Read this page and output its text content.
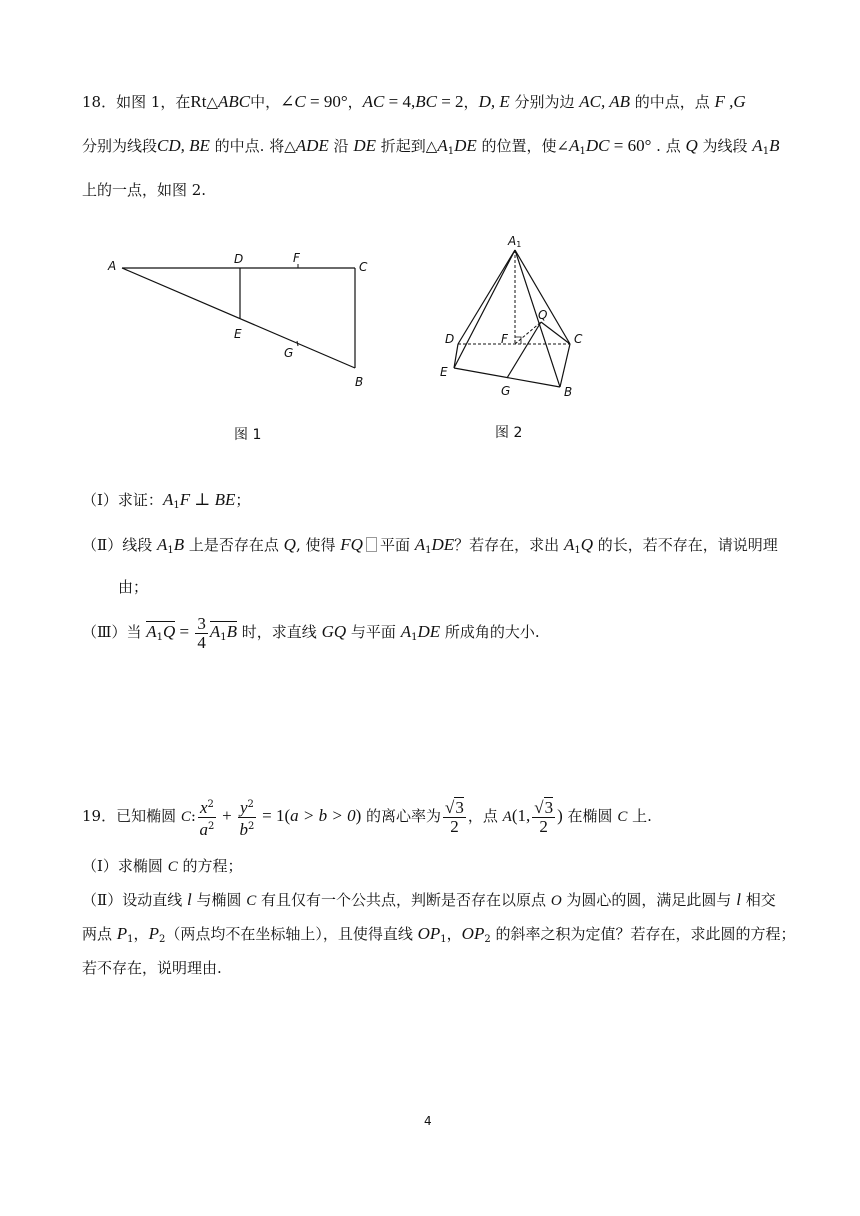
18．如图 1，在Rt△ABC中，∠C = 90°，AC = 4,BC = 2，D, E 分别为边 AC, AB 的中点，点 F ,G
分别为线段CD, BE 的中点. 将△ADE 沿 DE 折起到$\triangle A_1DE$ 的位置，使$\angle A_1DC = 60^\circ$ . 点 Q 为线段 $A_1B$
上的一点，如图 2.
A	D	F
C
E
G
B
图 1
A1
Q
D	F	C
E
G	B
图 2
（Ⅰ）求证：$A_1F$ ⊥ BE；
（Ⅱ）线段 $A_1B$ 上是否存在点 Q, 使得 FQ 平面 $A_1DE$？若存在，求出 $A_1Q$ 的长，若不存在，请说明理
由；
（Ⅲ）当 $A_1Q = \frac{3}{4} A_1B$ 时，求直线 GQ 与平面 $A_1DE$ 所成角的大小.
19．已知椭圆 C: $\frac{x^2}{a^2} + \frac{y^2}{b^2} = 1(a > b > 0)$ 的离心率为 $\frac{√3}{2}$ ，点 A(1, $\frac{√3}{2}$ ) 在椭圆 C 上.
（Ⅰ）求椭圆 C 的方程；
（Ⅱ）设动直线 l 与椭圆 C 有且仅有一个公共点，判断是否存在以原点 O 为圆心的圆，满足此圆与 l 相交
两点 $P_1$，$P_2$（两点均不在坐标轴上），且使得直线 $OP_1$，$OP_2$ 的斜率之积为定值？若存在，求此圆的方程；
若不存在，说明理由.
4
